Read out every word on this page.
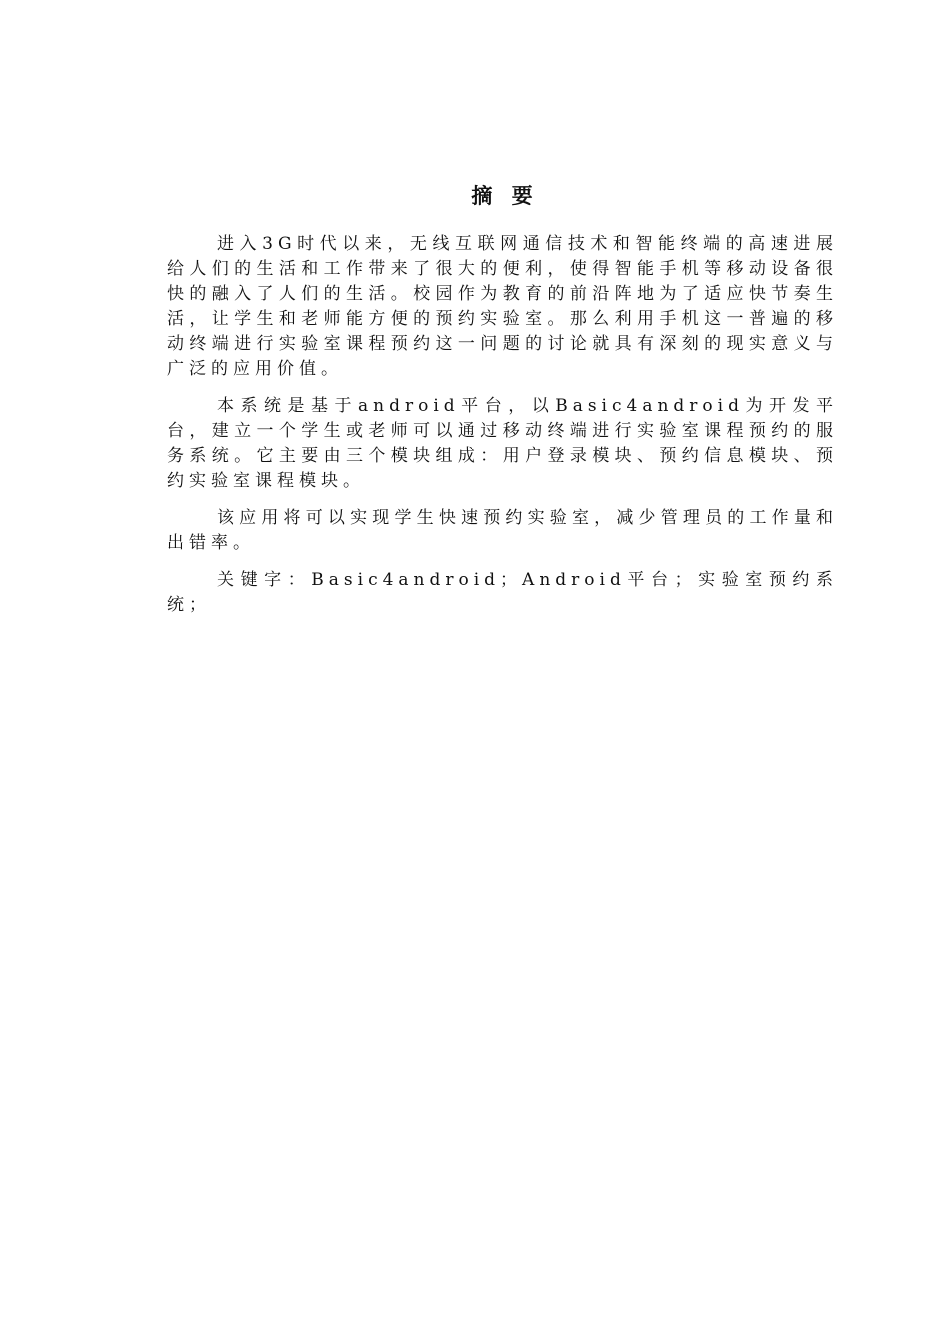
摘 要

进入3G时代以来，无线互联网通信技术和智能终端的高速进展给人们的生活和工作带来了很大的便利，使得智能手机等移动设备很快的融入了人们的生活。校园作为教育的前沿阵地为了适应快节奏生活，让学生和老师能方便的预约实验室。那么利用手机这一普遍的移动终端进行实验室课程预约这一问题的讨论就具有深刻的现实意义与广泛的应用价值。

本系统是基于android平台，以Basic4android为开发平台，建立一个学生或老师可以通过移动终端进行实验室课程预约的服务系统。它主要由三个模块组成：用户登录模块、预约信息模块、预约实验室课程模块。

该应用将可以实现学生快速预约实验室，减少管理员的工作量和出错率。

关键字：Basic4android；Android平台；实验室预约系统；
